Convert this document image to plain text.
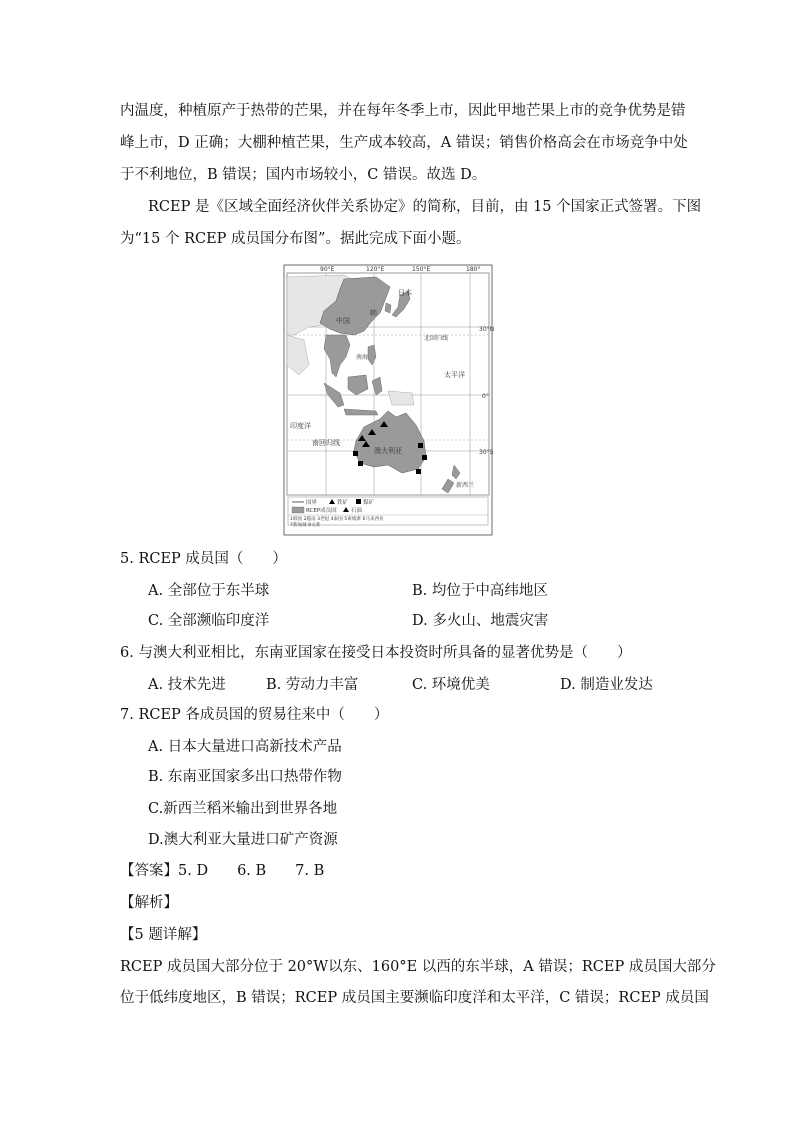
内温度，种植原产于热带的芒果，并在每年冬季上市，因此甲地芒果上市的竞争优势是错
峰上市，D 正确；大棚种植芒果，生产成本较高，A 错误；销售价格高会在市场竞争中处
于不利地位，B 错误；国内市场较小，C 错误。故选 D。
RCEP 是《区域全面经济伙伴关系协定》的简称，目前，由 15 个国家正式签署。下图
为“15 个 RCEP 成员国分布图”。据此完成下面小题。
90°E	120°E	150°E	180°
30°N
0°
30°S
中国
日本
韩
北回归线
太平洋
印度洋
南回归线
澳大利亚
新西兰
南海
国界	铁矿	煤矿
RCEP成员国	石油
1韩国 2越南 3老挝 4泰国 5柬埔寨 6马来西亚
7新加坡 8文莱
5. RCEP 成员国（　　）
A. 全部位于东半球	B. 均位于中高纬地区
C. 全部濒临印度洋	D. 多火山、地震灾害
6. 与澳大利亚相比，东南亚国家在接受日本投资时所具备的显著优势是（　　）
A. 技术先进	B. 劳动力丰富	C. 环境优美	D. 制造业发达
7. RCEP 各成员国的贸易往来中（　　）
A. 日本大量进口高新技术产品
B. 东南亚国家多出口热带作物
C.新西兰稻米输出到世界各地
D.澳大利亚大量进口矿产资源
【答案】5. D　　6. B　　7. B
【解析】
【5 题详解】
RCEP 成员国大部分位于 20°W以东、160°E 以西的东半球，A 错误；RCEP 成员国大部分
位于低纬度地区，B 错误；RCEP 成员国主要濒临印度洋和太平洋，C 错误；RCEP 成员国
